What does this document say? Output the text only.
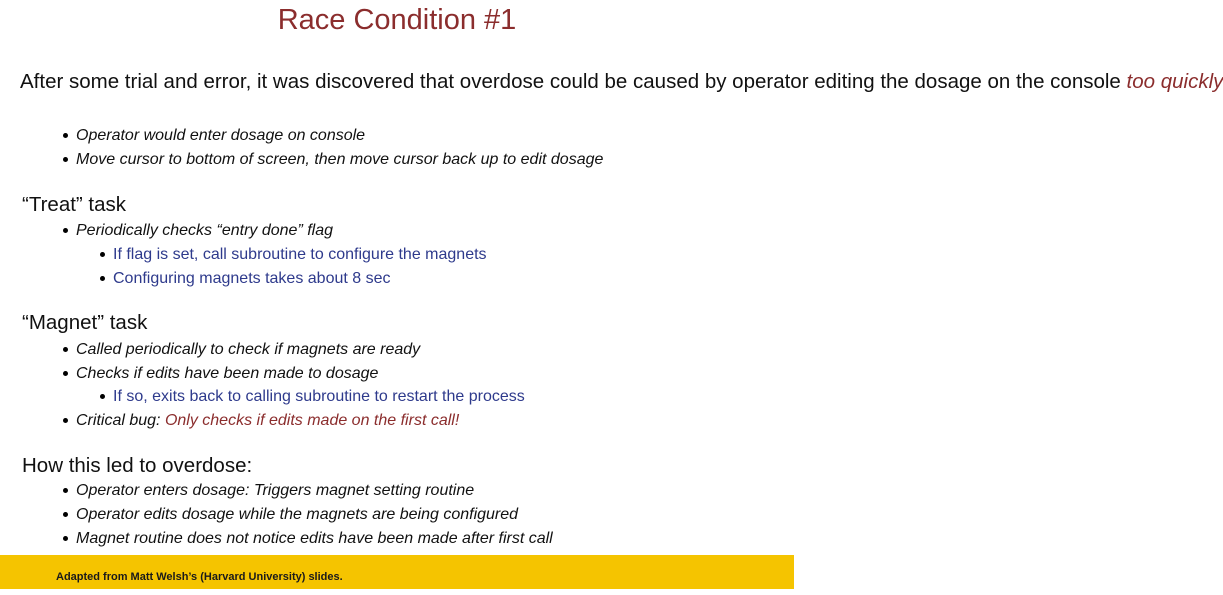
Race Condition #1
After some trial and error, it was discovered that overdose could be caused by operator editing the dosage on the console too quickly
Operator would enter dosage on console
Move cursor to bottom of screen, then move cursor back up to edit dosage
“Treat” task
Periodically checks “entry done” flag
If flag is set, call subroutine to configure the magnets
Configuring magnets takes about 8 sec
“Magnet” task
Called periodically to check if magnets are ready
Checks if edits have been made to dosage
If so, exits back to calling subroutine to restart the process
Critical bug: Only checks if edits made on the first call!
How this led to overdose:
Operator enters dosage: Triggers magnet setting routine
Operator edits dosage while the magnets are being configured
Magnet routine does not notice edits have been made after first call
Adapted from Matt Welsh’s (Harvard University) slides.
